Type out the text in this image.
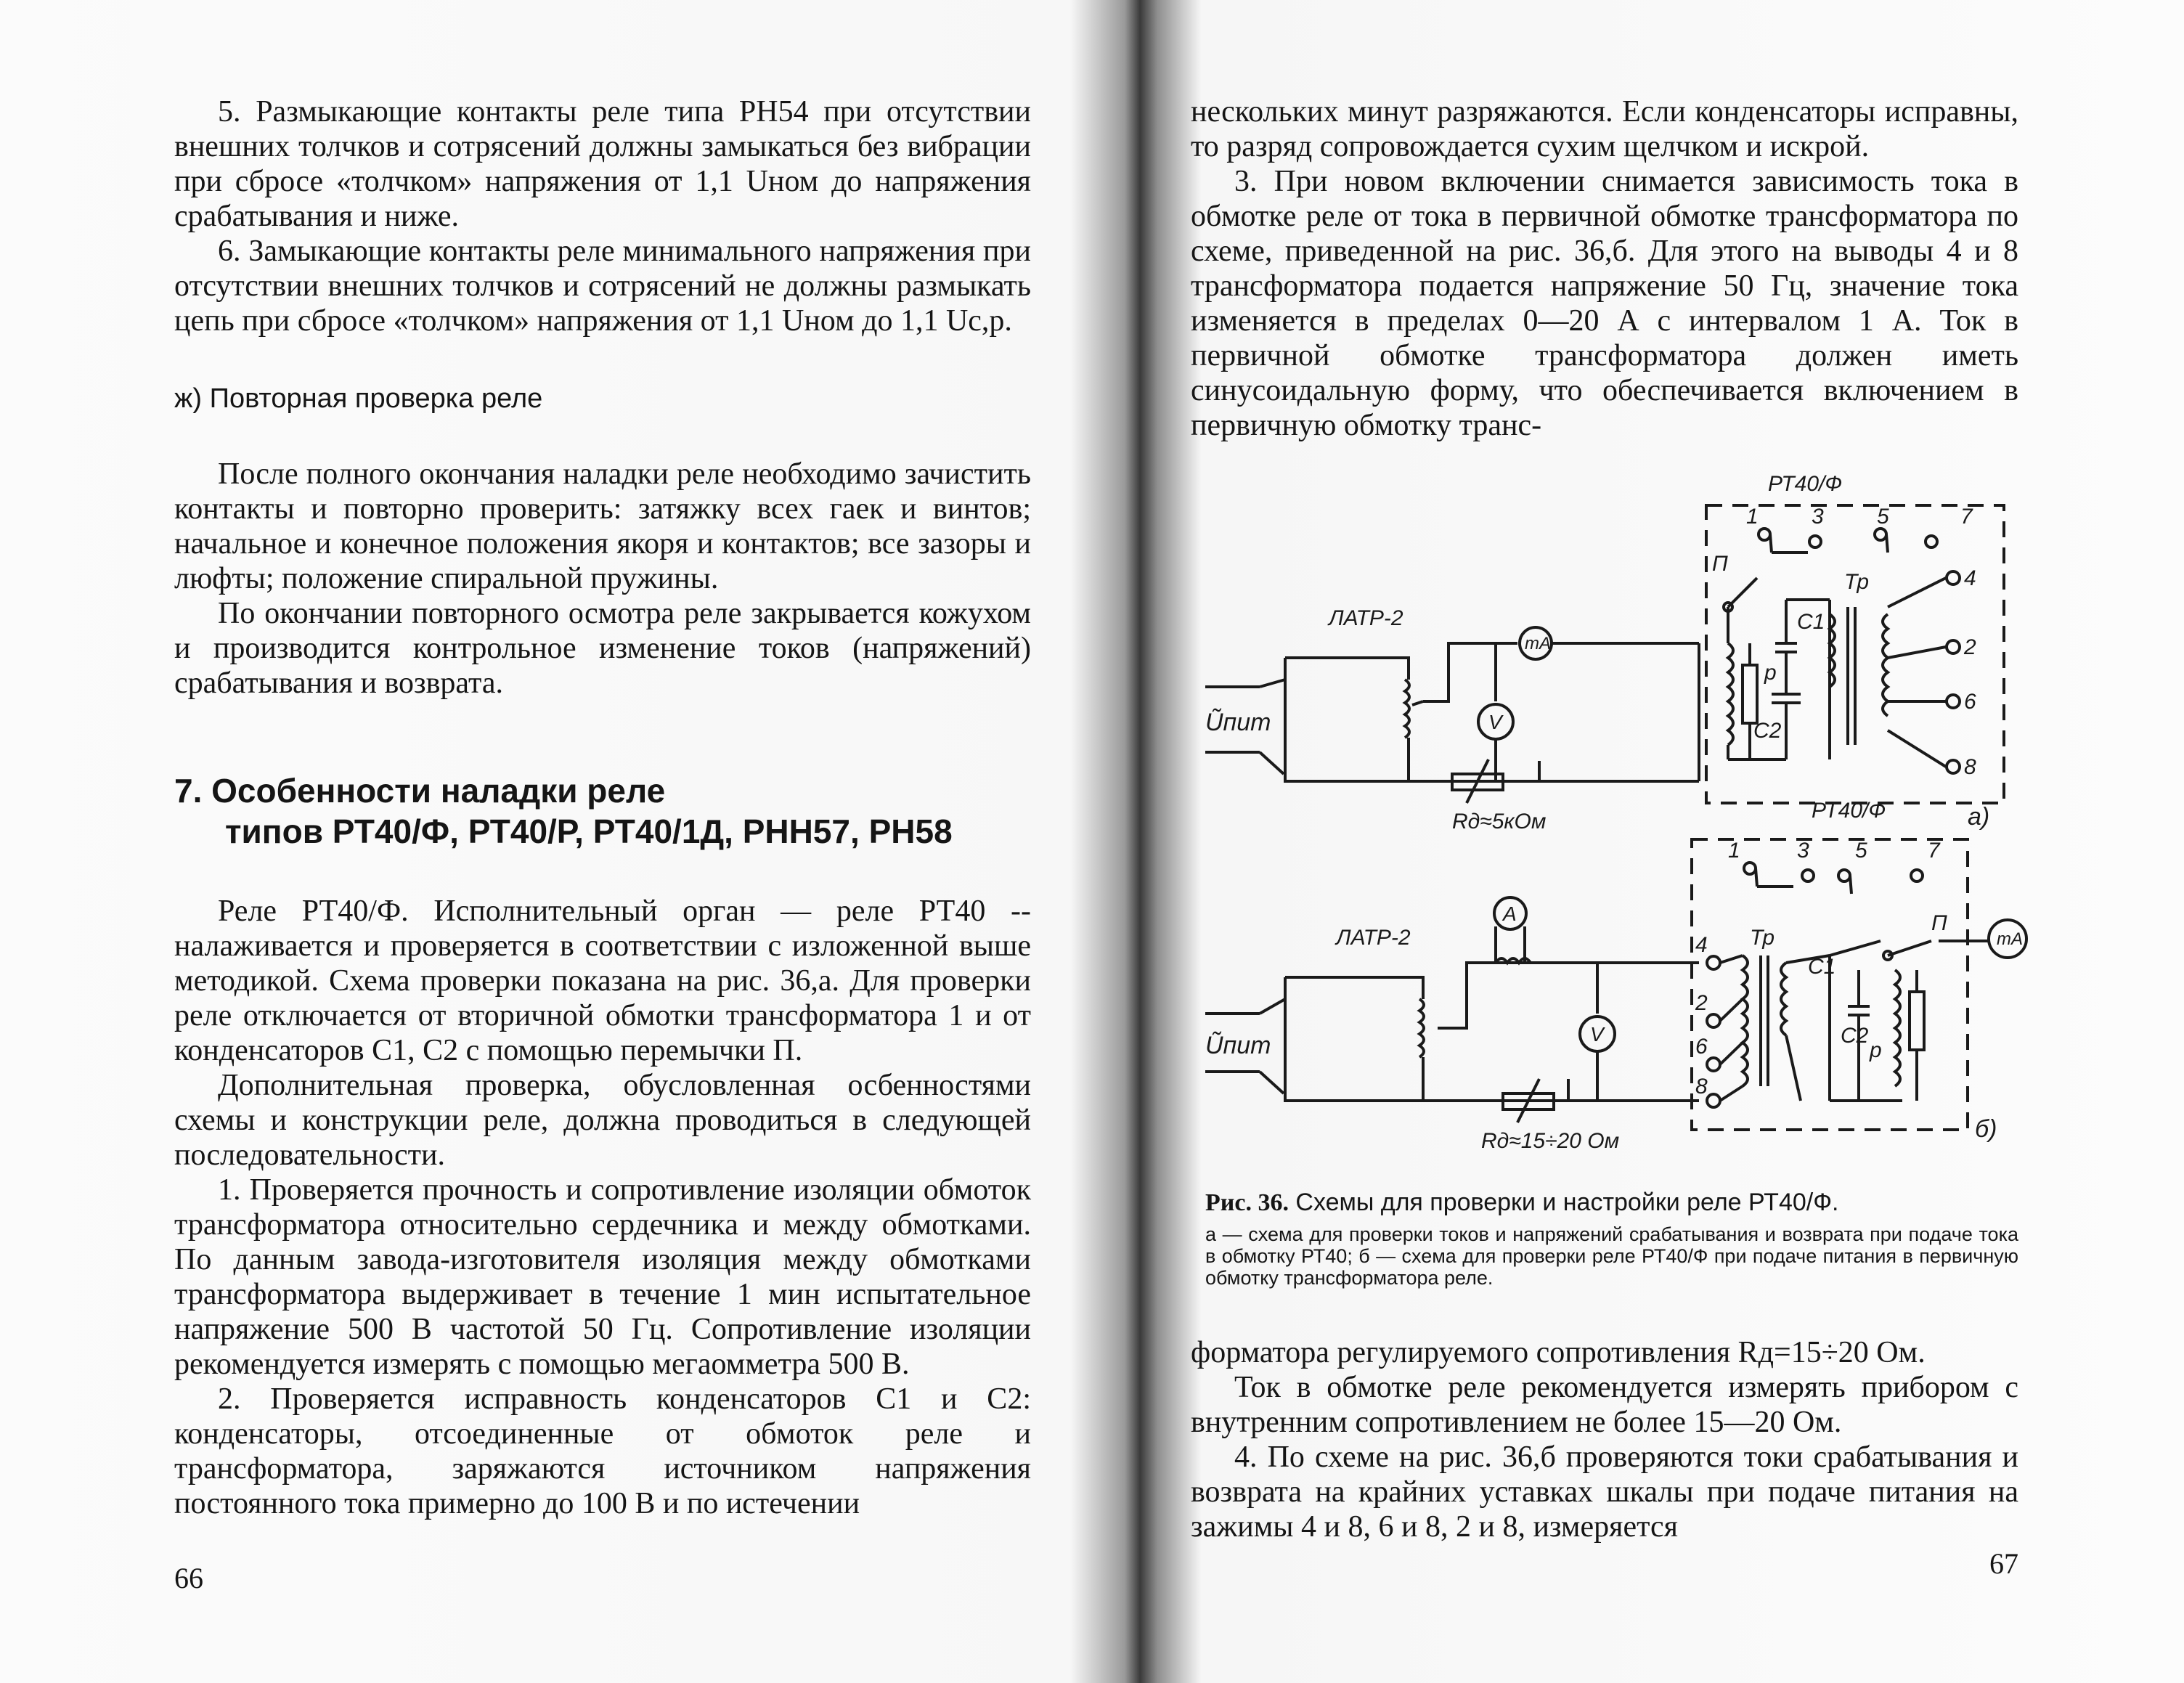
5. Размыкающие контакты реле типа РН54 при отсутствии внешних толчков и сотрясений должны замыкаться без вибрации при сбросе «толчком» напряжения от 1,1 Uном до напряжения срабатывания и ниже.

6. Замыкающие контакты реле минимального напряжения при отсутствии внешних толчков и сотрясений не должны размыкать цепь при сбросе «толчком» напряжения от 1,1 Uном до 1,1 Uс,р.

ж) Повторная проверка реле

После полного окончания наладки реле необходимо зачистить контакты и повторно проверить: затяжку всех гаек и винтов; начальное и конечное положения якоря и контактов; все зазоры и люфты; положение спиральной пружины.

По окончании повторного осмотра реле закрывается кожухом и производится контрольное изменение токов (напряжений) срабатывания и возврата.

7. Особенности наладки реле
типов РТ40/Ф, РТ40/Р, РТ40/1Д, РНН57, РН58

Реле РТ40/Ф. Исполнительный орган — реле РТ40 -- налаживается и проверяется в соответствии с изложенной выше методикой. Схема проверки показана на рис. 36,а. Для проверки реле отключается от вторичной обмотки трансформатора 1 и от конденсаторов C1, C2 с помощью перемычки П.

Дополнительная проверка, обусловленная осбенностями схемы и конструкции реле, должна проводиться в следующей последовательности.

1. Проверяется прочность и сопротивление изоляции обмоток трансформатора относительно сердечника и между обмотками. По данным завода-изготовителя изоляция между обмотками трансформатора выдерживает в течение 1 мин испытательное напряжение 500 В частотой 50 Гц. Сопротивление изоляции рекомендуется измерять с помощью мегаомметра 500 В.

2. Проверяется исправность конденсаторов C1 и C2: конденсаторы, отсоединенные от обмоток реле и трансформатора, заряжаются источником напряжения постоянного тока примерно до 100 В и по истечении

66

нескольких минут разряжаются. Если конденсаторы исправны, то разряд сопровождается сухим щелчком и искрой.

3. При новом включении снимается зависимость тока в обмотке реле от тока в первичной обмотке трансформатора по схеме, приведенной на рис. 36,б. Для этого на выводы 4 и 8 трансформатора подается напряжение 50 Гц, значение тока изменяется в пределах 0—20 А с интервалом 1 А. Ток в первичной обмотке трансформатора должен иметь синусоидальную форму, что обеспечивается включением в первичную обмотку транс-

РТ40/Ф
РТ40/Ф
ЛАТР-2
Ũпит
Rд≈5кОм
mA
V
П
Тр
р
C1
C2
1 3 5	7
4
2
6
8
а)
ЛАТР-2
Ũпит
Rд≈15÷20 Ом
A
mA
V
П
Тр
р
C1
C2
1	3 5	7
4
2
6
8
б)
Рис. 36. Схемы для проверки и настройки реле РТ40/Ф.
а — схема для проверки токов и напряжений срабатывания и возврата при подаче тока в обмотку РТ40; б — схема для проверки реле РТ40/Ф при подаче питания в первичную обмотку трансформатора реле.

форматора регулируемого сопротивления Rд=15÷20 Ом.

Ток в обмотке реле рекомендуется измерять прибором с внутренним сопротивлением не более 15—20 Ом.

4. По схеме на рис. 36,б проверяются токи срабатывания и возврата на крайних уставках шкалы при подаче питания на зажимы 4 и 8, 6 и 8, 2 и 8, измеряется

67
